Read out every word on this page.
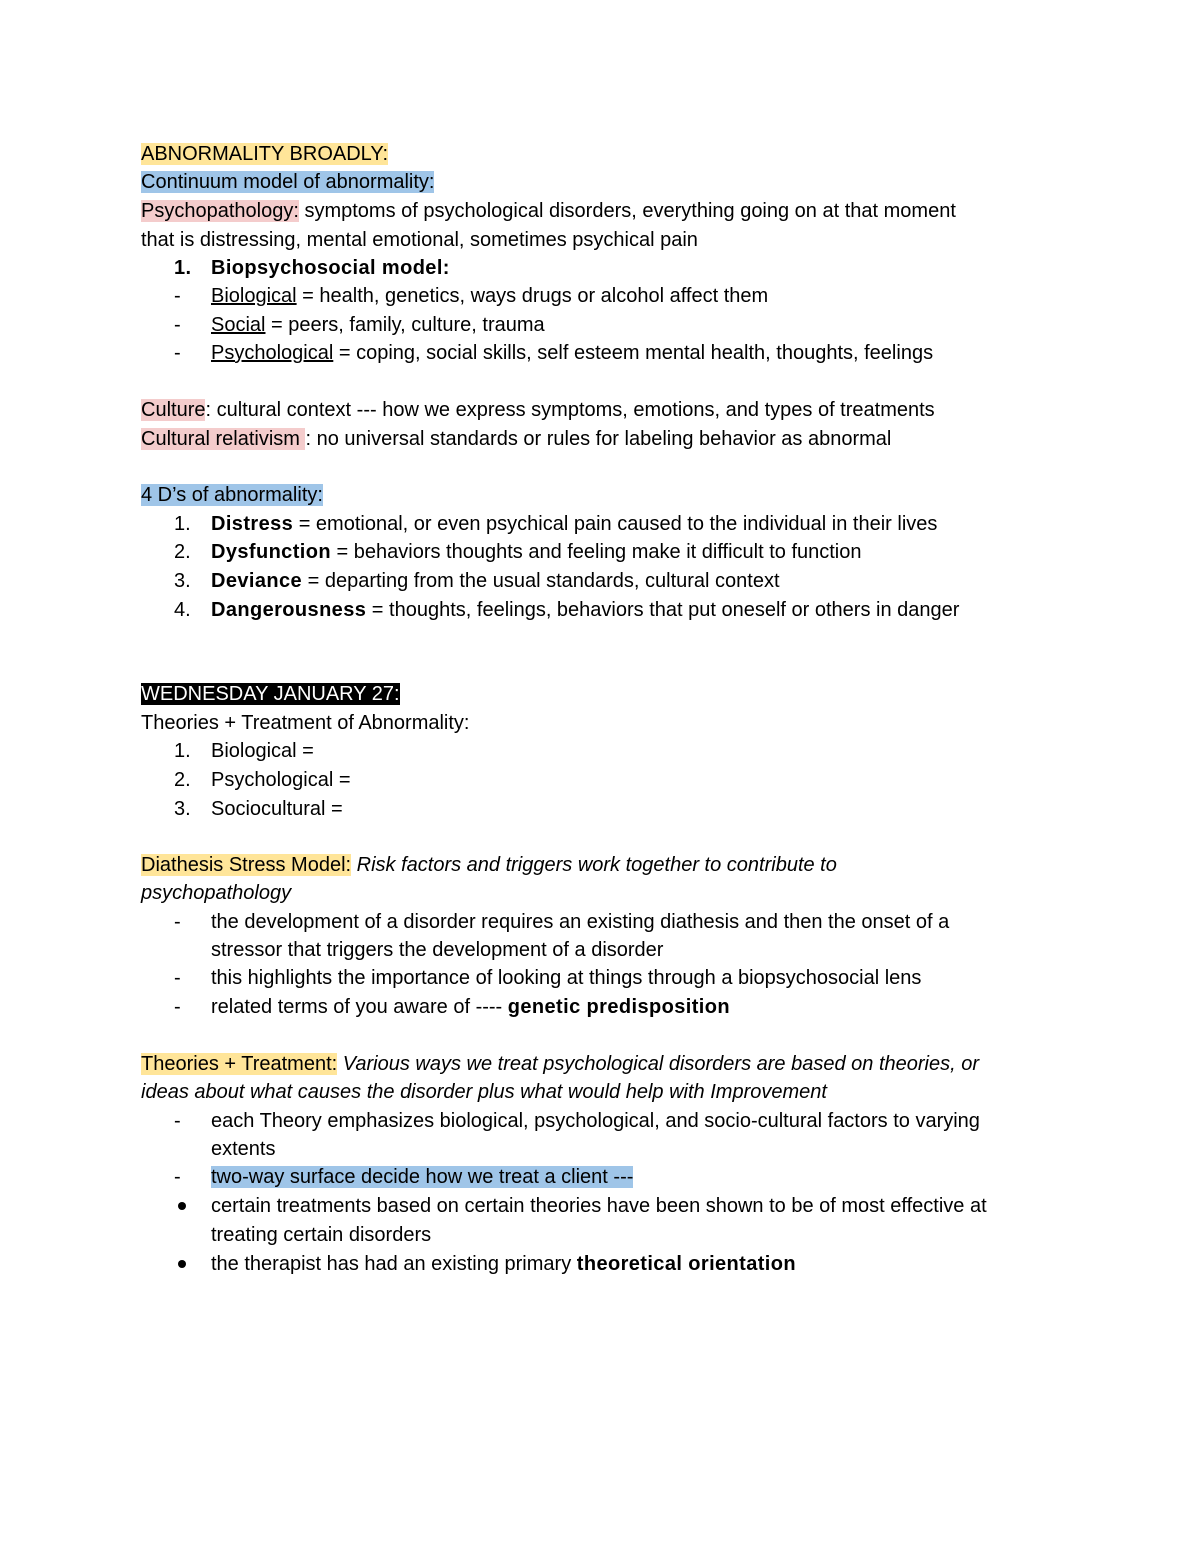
ABNORMALITY BROADLY:
Continuum model of abnormality:
Psychopathology: symptoms of psychological disorders, everything going on at that moment
that is distressing, mental emotional, sometimes psychical pain
1. Biopsychosocial model:
-	Biological = health, genetics, ways drugs or alcohol affect them
-	Social = peers, family, culture, trauma
-	Psychological = coping, social skills, self esteem mental health, thoughts, feelings
Culture: cultural context --- how we express symptoms, emotions, and types of treatments
Cultural relativism : no universal standards or rules for labeling behavior as abnormal
4 D’s of abnormality:
1.	Distress = emotional, or even psychical pain caused to the individual in their lives
2.	Dysfunction = behaviors thoughts and feeling make it difficult to function
3.	Deviance = departing from the usual standards, cultural context
4.	Dangerousness = thoughts, feelings, behaviors that put oneself or others in danger
WEDNESDAY JANUARY 27:
Theories + Treatment of Abnormality:
1.	Biological =
2.	Psychological =
3.	Sociocultural =
Diathesis Stress Model: Risk factors and triggers work together to contribute to
psychopathology
-	the development of a disorder requires an existing diathesis and then the onset of a
stressor that triggers the development of a disorder
-	this highlights the importance of looking at things through a biopsychosocial lens
-	related terms of you aware of ---- genetic predisposition
Theories + Treatment: Various ways we treat psychological disorders are based on theories, or
ideas about what causes the disorder plus what would help with Improvement
-	each Theory emphasizes biological, psychological, and socio-cultural factors to varying
extents
-	two-way surface decide how we treat a client ---
certain treatments based on certain theories have been shown to be of most effective at
treating certain disorders
the therapist has had an existing primary theoretical orientation
